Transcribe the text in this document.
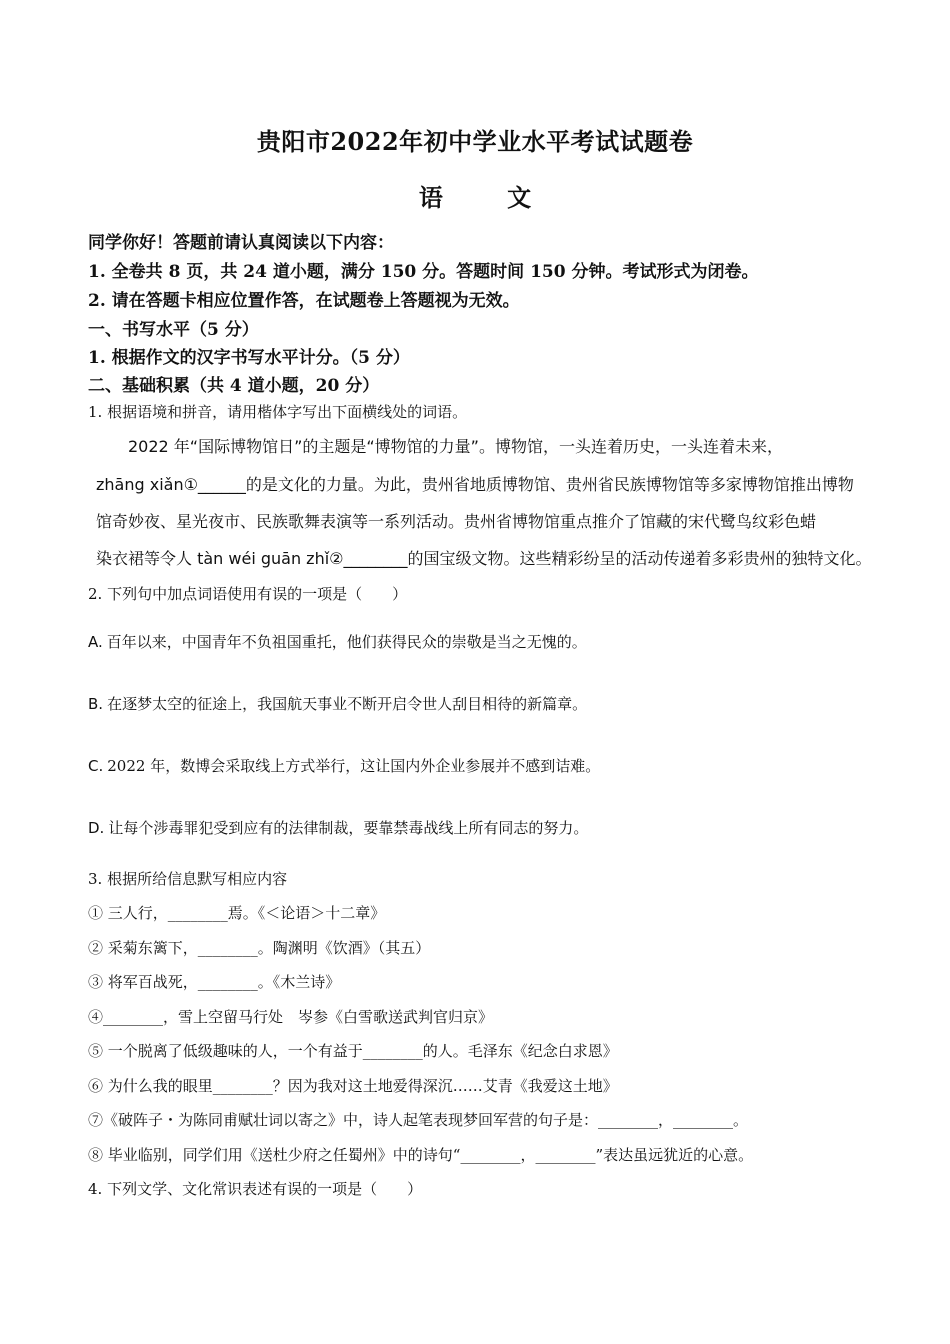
贵阳市2022年初中学业水平考试试题卷
语 文
同学你好！答题前请认真阅读以下内容：
1. 全卷共 8 页，共 24 道小题，满分 150 分。答题时间 150 分钟。考试形式为闭卷。
2. 请在答题卡相应位置作答，在试题卷上答题视为无效。
一、书写水平（5 分）
1. 根据作文的汉字书写水平计分。（5 分）
二、基础积累（共 4 道小题，20 分）
1. 根据语境和拼音，请用楷体字写出下面横线处的词语。
2022 年“国际博物馆日”的主题是“博物馆的力量”。博物馆，一头连着历史，一头连着未来，
zhāng xiǎn①______的是文化的力量。为此，贵州省地质博物馆、贵州省民族博物馆等多家博物馆推出博物
馆奇妙夜、星光夜市、民族歌舞表演等一系列活动。贵州省博物馆重点推介了馆藏的宋代鹭鸟纹彩色蜡
染衣裙等令人 tàn wéi guān zhǐ②________的国宝级文物。这些精彩纷呈的活动传递着多彩贵州的独特文化。
2. 下列句中加点词语使用有误的一项是（　　）
A. 百年以来，中国青年不负祖国重托，他们获得民众的崇敬是当之无愧的。
B. 在逐梦太空的征途上，我国航天事业不断开启令世人刮目相待的新篇章。
C. 2022 年，数博会采取线上方式举行，这让国内外企业参展并不感到诘难。
D. 让每个涉毒罪犯受到应有的法律制裁，要靠禁毒战线上所有同志的努力。
3. 根据所给信息默写相应内容
① 三人行，________焉。《＜论语＞十二章》
② 采菊东篱下，________。陶渊明《饮酒》（其五）
③ 将军百战死，________。《木兰诗》
④________，雪上空留马行处　岑参《白雪歌送武判官归京》
⑤ 一个脱离了低级趣味的人，一个有益于________的人。毛泽东《纪念白求恩》
⑥ 为什么我的眼里________？因为我对这土地爱得深沉……艾青《我爱这土地》
⑦《破阵子・为陈同甫赋壮词以寄之》中，诗人起笔表现梦回军营的句子是：________，________。
⑧ 毕业临别，同学们用《送杜少府之任蜀州》中的诗句“________，________”表达虽远犹近的心意。
4. 下列文学、文化常识表述有误的一项是（　　）
